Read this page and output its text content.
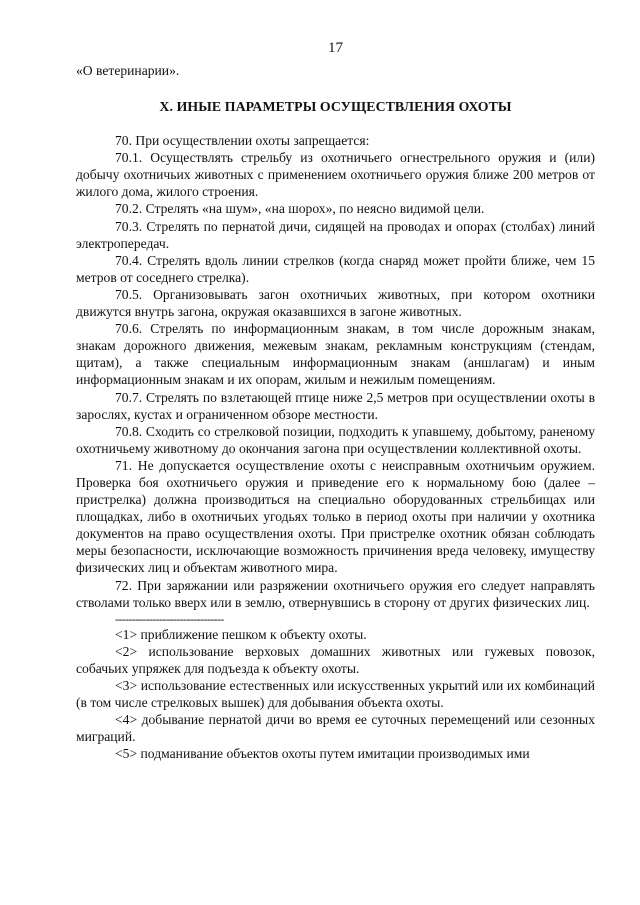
17

«О ветеринарии».

X. ИНЫЕ ПАРАМЕТРЫ ОСУЩЕСТВЛЕНИЯ ОХОТЫ

70. При осуществлении охоты запрещается:

70.1. Осуществлять стрельбу из охотничьего огнестрельного оружия и (или) добычу охотничьих животных с применением охотничьего оружия ближе 200 метров от жилого дома, жилого строения.

70.2. Стрелять «на шум», «на шорох», по неясно видимой цели.

70.3. Стрелять по пернатой дичи, сидящей на проводах и опорах (столбах) линий электропередач.

70.4. Стрелять вдоль линии стрелков (когда снаряд может пройти ближе, чем 15 метров от соседнего стрелка).

70.5. Организовывать загон охотничьих животных, при котором охотники движутся внутрь загона, окружая оказавшихся в загоне животных.

70.6. Стрелять по информационным знакам, в том числе дорожным знакам, знакам дорожного движения, межевым знакам, рекламным конструкциям (стендам, щитам), а также специальным информационным знакам (аншлагам) и иным информационным знакам и их опорам, жилым и нежилым помещениям.

70.7. Стрелять по взлетающей птице ниже 2,5 метров при осуществлении охоты в зарослях, кустах и ограниченном обзоре местности.

70.8. Сходить со стрелковой позиции, подходить к упавшему, добытому, раненому охотничьему животному до окончания загона при осуществлении коллективной охоты.

71. Не допускается осуществление охоты с неисправным охотничьим оружием. Проверка боя охотничьего оружия и приведение его к нормальному бою (далее – пристрелка) должна производиться на специально оборудованных стрельбищах или площадках, либо в охотничьих угодьях только в период охоты при наличии у охотника документов на право осуществления охоты. При пристрелке охотник обязан соблюдать меры безопасности, исключающие возможность причинения вреда человеку, имуществу физических лиц и объектам животного мира.

72. При заряжании или разряжении охотничьего оружия его следует направлять стволами только вверх или в землю, отвернувшись в сторону от других физических лиц.

--------------------------------

<1> приближение пешком к объекту охоты.

<2> использование верховых домашних животных или гужевых повозок, собачьих упряжек для подъезда к объекту охоты.

<3> использование естественных или искусственных укрытий или их комбинаций (в том числе стрелковых вышек) для добывания объекта охоты.

<4> добывание пернатой дичи во время ее суточных перемещений или сезонных миграций.

<5> подманивание объектов охоты путем имитации производимых ими
